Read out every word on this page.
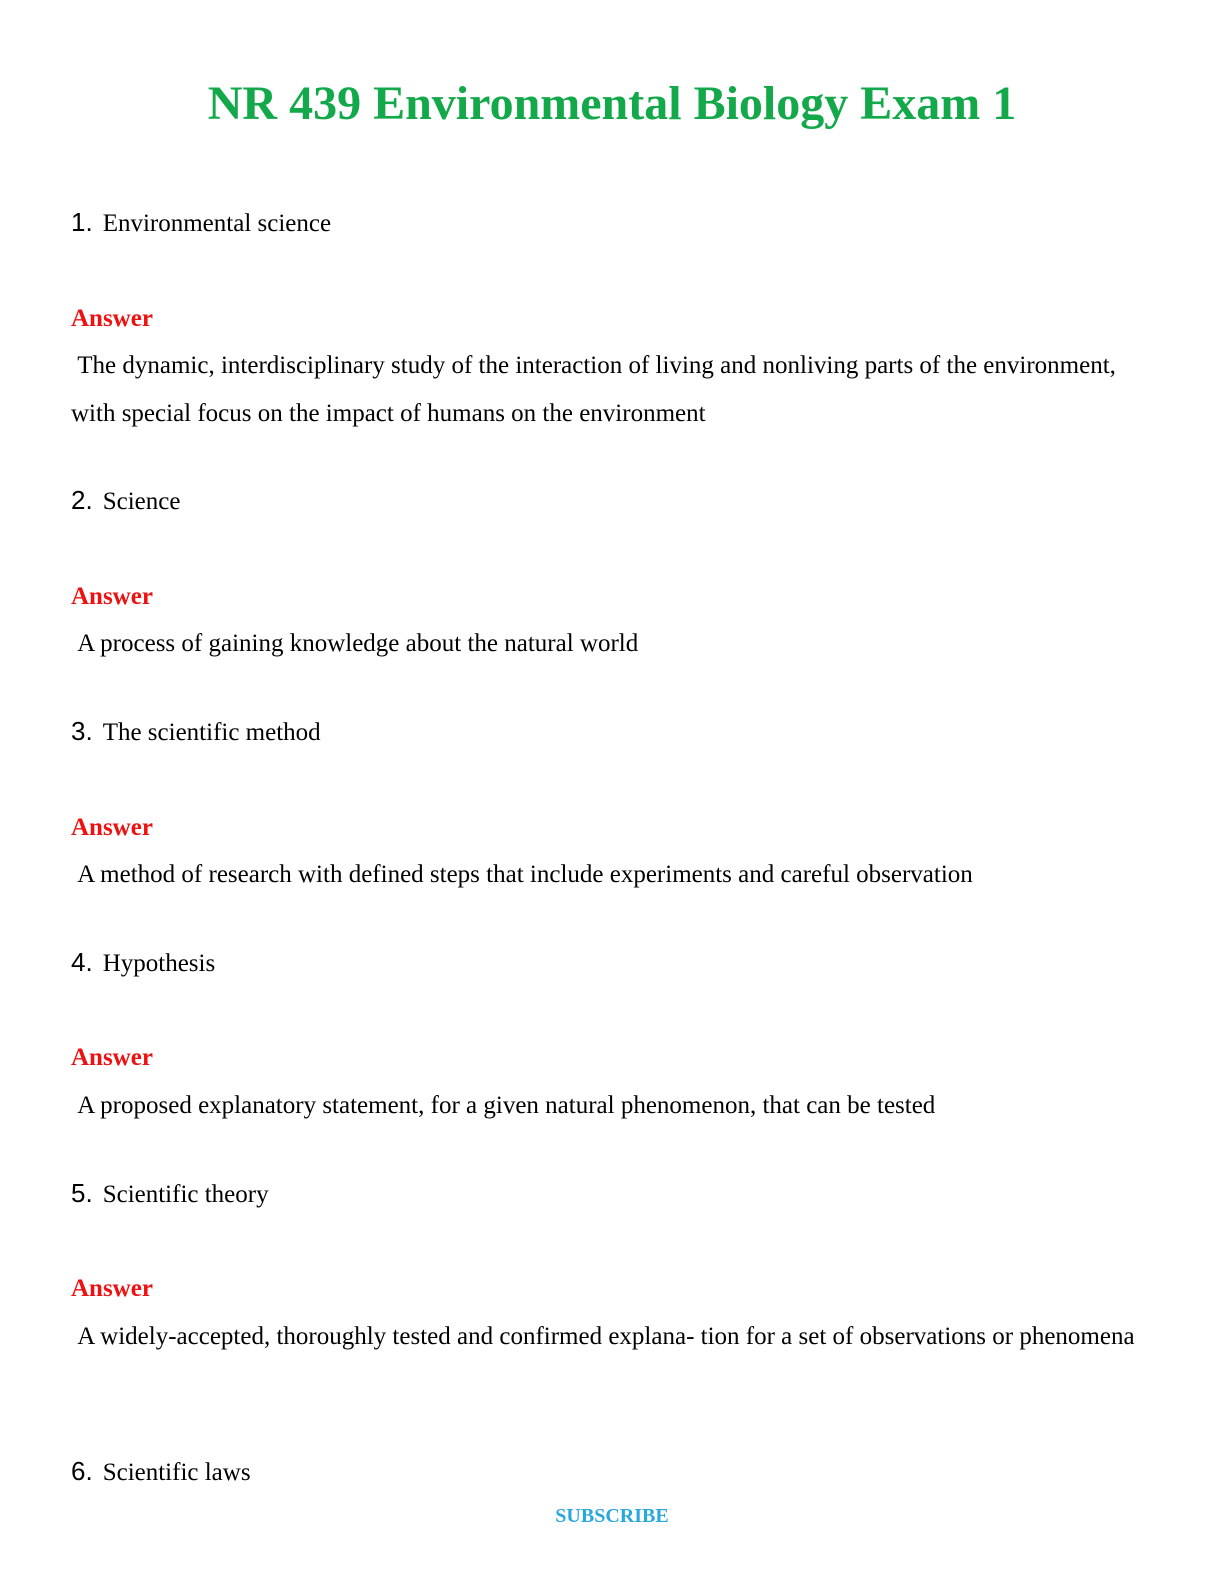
NR 439 Environmental Biology Exam 1
1. Environmental science
Answer

The dynamic, interdisciplinary study of the interaction of living and nonliving parts of the environment, with special focus on the impact of humans on the environment

2. Science
Answer

A process of gaining knowledge about the natural world

3. The scientific method
Answer

A method of research with defined steps that include experiments and careful observation

4. Hypothesis
Answer

A proposed explanatory statement, for a given natural phenomenon, that can be tested

5. Scientific theory
Answer

A widely-accepted, thoroughly tested and confirmed explana- tion for a set of observations or phenomena

6. Scientific laws
SUBSCRIBE
